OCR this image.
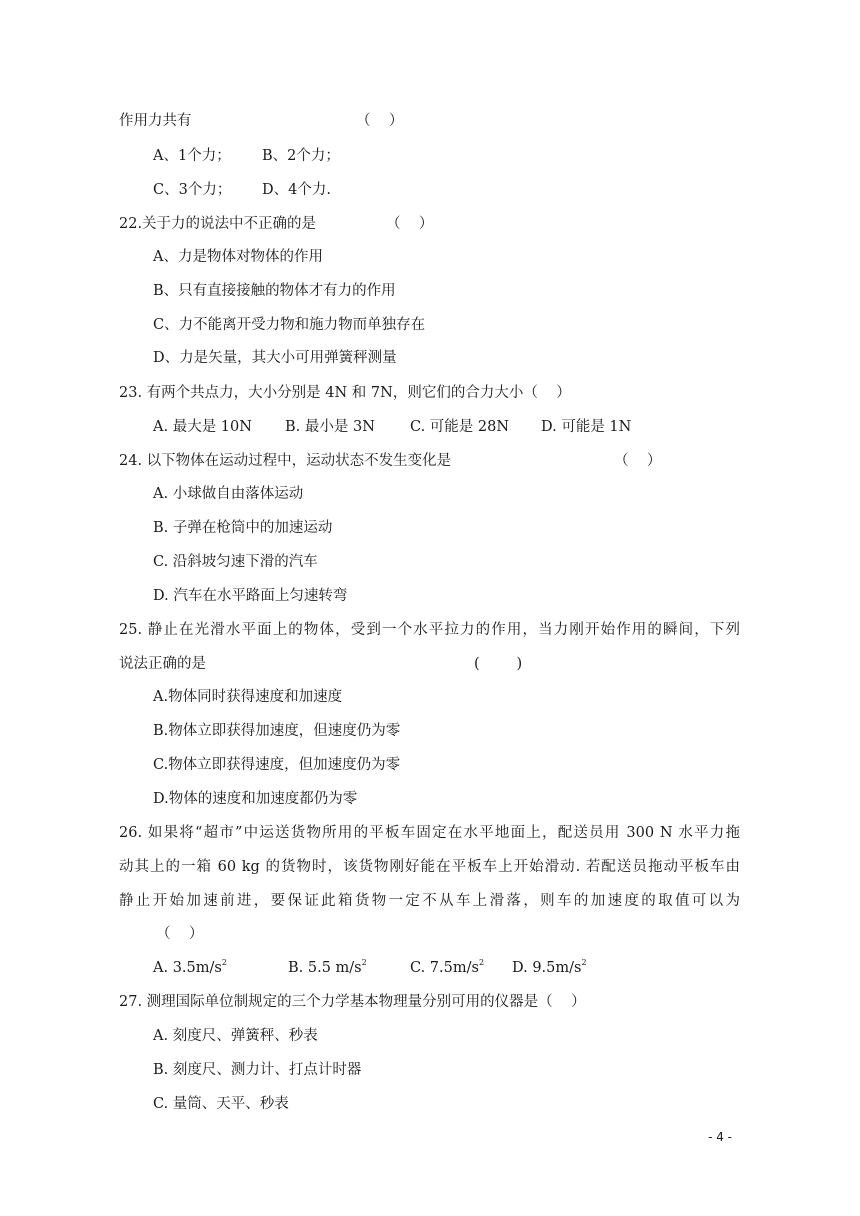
作用力共有	（    ）
A、1个力； B、2个力；
C、3个力； D、4个力.
22.关于力的说法中不正确的是	（    ）
A、力是物体对物体的作用
B、只有直接接触的物体才有力的作用
C、力不能离开受力物和施力物而单独存在
D、力是矢量，其大小可用弹簧秤测量
23. 有两个共点力，大小分别是 4N 和 7N，则它们的合力大小（    ）

A. 最大是 10N

B. 最小是 3N

C. 可能是 28N

D. 可能是 1N

24. 以下物体在运动过程中，运动状态不发生变化是	（    ）
A. 小球做自由落体运动
B. 子弹在枪筒中的加速运动
C. 沿斜坡匀速下滑的汽车
D. 汽车在水平路面上匀速转弯
25. 静止在光滑水平面上的物体，受到一个水平拉力的作用，当力刚开始作用的瞬间，下列
说法正确的是	(        )
A.物体同时获得速度和加速度
B.物体立即获得加速度，但速度仍为零
C.物体立即获得速度，但加速度仍为零
D.物体的速度和加速度都仍为零
26. 如果将“超市”中运送货物所用的平板车固定在水平地面上，配送员用 300 N 水平力拖
动其上的一箱 60 kg 的货物时，该货物刚好能在平板车上开始滑动. 若配送员拖动平板车由
静止开始加速前进，要保证此箱货物一定不从车上滑落，则车的加速度的取值可以为
（    ）

A. $3.5m/s^2$

	B. 5.5 $m/s^2$

	C. $7.5m/s^2$

D. $9.5m/s^2$

27. 测理国际单位制规定的三个力学基本物理量分别可用的仪器是（    ）
A. 刻度尺、弹簧秤、秒表
B. 刻度尺、测力计、打点计时器
C. 量筒、天平、秒表
- 4 -
